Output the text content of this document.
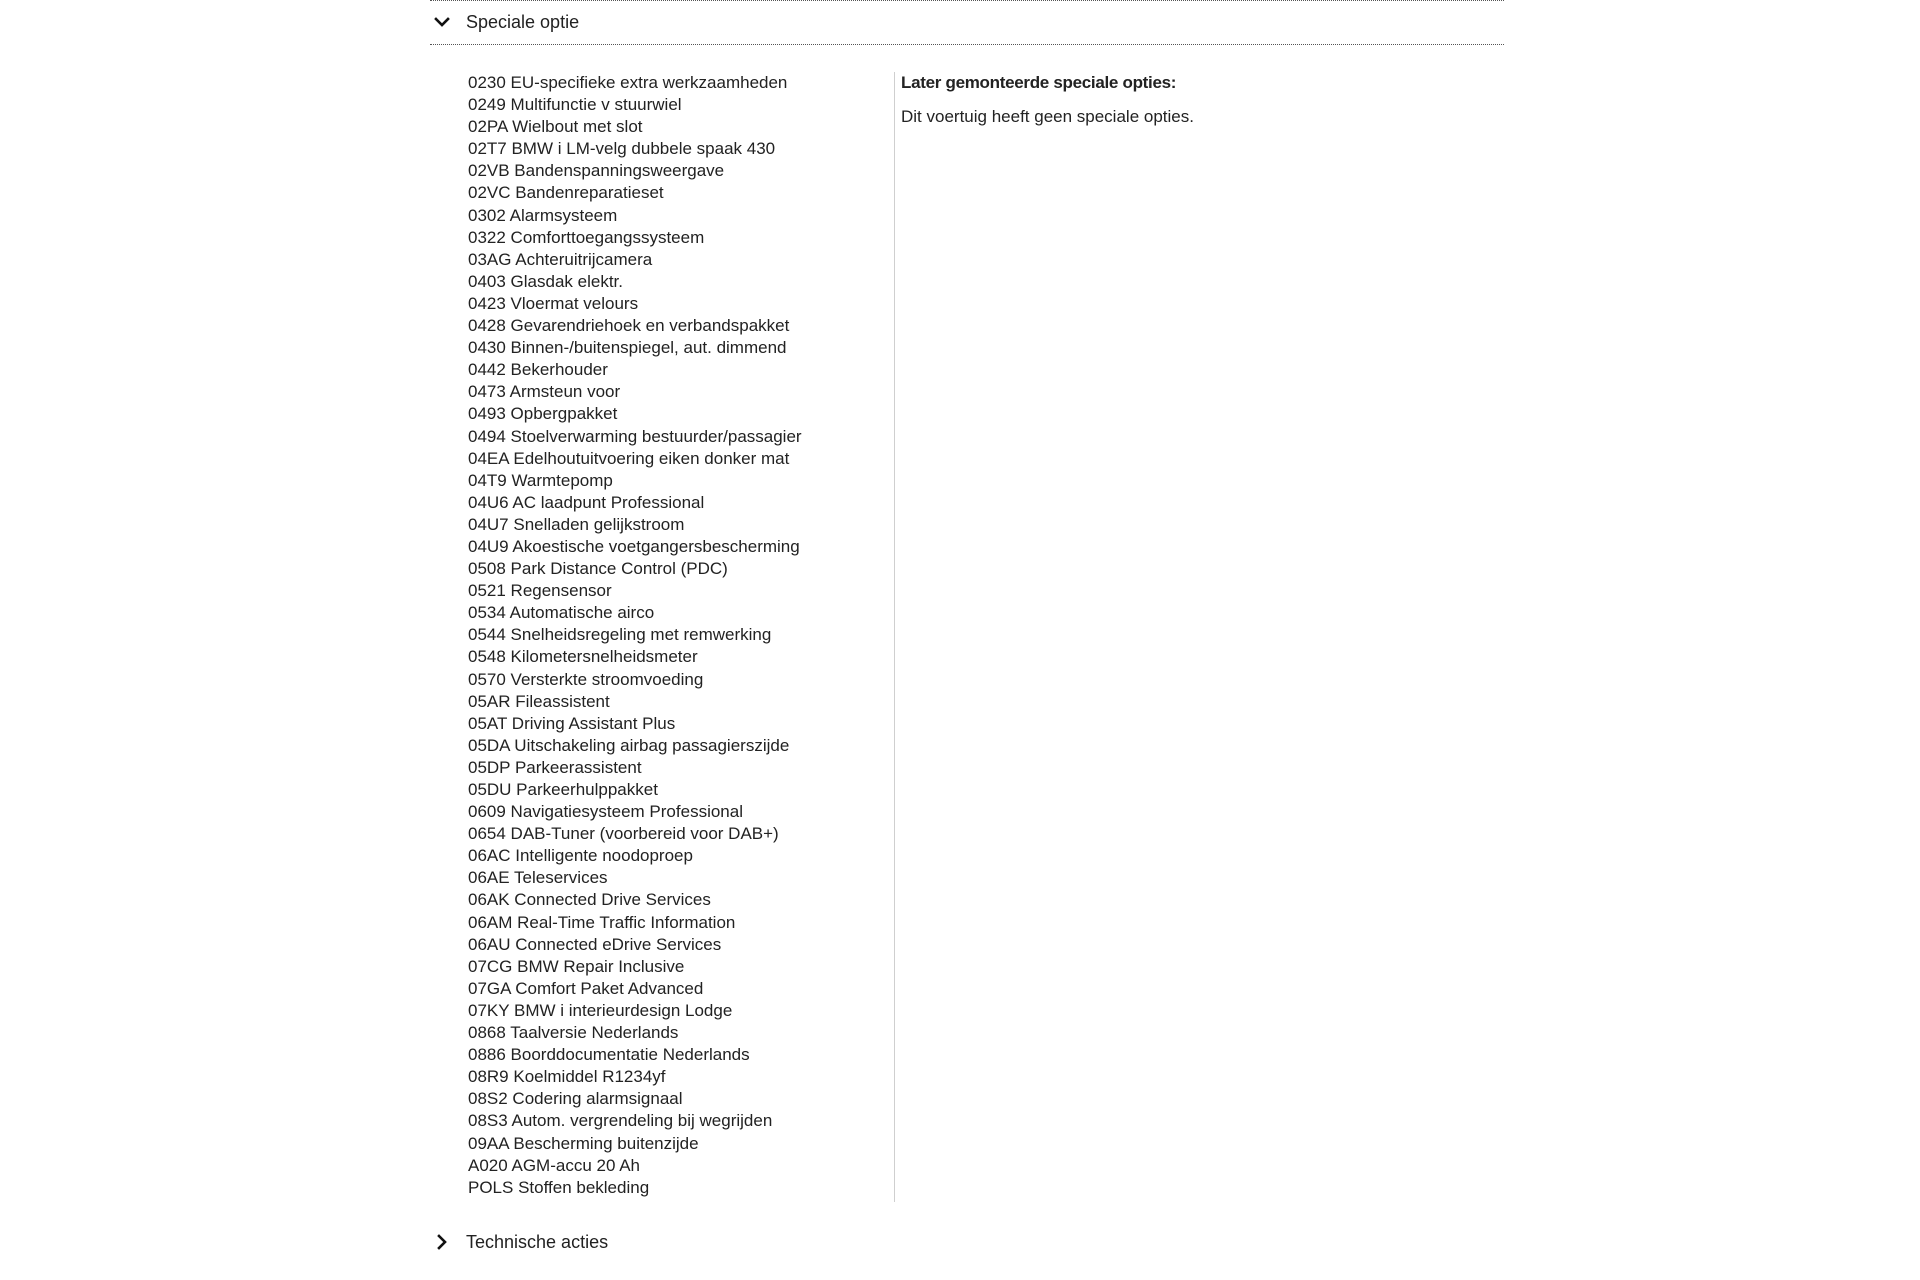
Speciale optie
0230 EU-specifieke extra werkzaamheden
0249 Multifunctie v stuurwiel
02PA Wielbout met slot
02T7 BMW i LM-velg dubbele spaak 430
02VB Bandenspanningsweergave
02VC Bandenreparatieset
0302 Alarmsysteem
0322 Comforttoegangssysteem
03AG Achteruitrijcamera
0403 Glasdak elektr.
0423 Vloermat velours
0428 Gevarendriehoek en verbandspakket
0430 Binnen-/buitenspiegel, aut. dimmend
0442 Bekerhouder
0473 Armsteun voor
0493 Opbergpakket
0494 Stoelverwarming bestuurder/passagier
04EA Edelhoutuitvoering eiken donker mat
04T9 Warmtepomp
04U6 AC laadpunt Professional
04U7 Snelladen gelijkstroom
04U9 Akoestische voetgangersbescherming
0508 Park Distance Control (PDC)
0521 Regensensor
0534 Automatische airco
0544 Snelheidsregeling met remwerking
0548 Kilometersnelheidsmeter
0570 Versterkte stroomvoeding
05AR Fileassistent
05AT Driving Assistant Plus
05DA Uitschakeling airbag passagierszijde
05DP Parkeerassistent
05DU Parkeerhulppakket
0609 Navigatiesysteem Professional
0654 DAB-Tuner (voorbereid voor DAB+)
06AC Intelligente noodoproep
06AE Teleservices
06AK Connected Drive Services
06AM Real-Time Traffic Information
06AU Connected eDrive Services
07CG BMW Repair Inclusive
07GA Comfort Paket Advanced
07KY BMW i interieurdesign Lodge
0868 Taalversie Nederlands
0886 Boorddocumentatie Nederlands
08R9 Koelmiddel R1234yf
08S2 Codering alarmsignaal
08S3 Autom. vergrendeling bij wegrijden
09AA Bescherming buitenzijde
A020 AGM-accu 20 Ah
POLS Stoffen bekleding
Later gemonteerde speciale opties:
Dit voertuig heeft geen speciale opties.
Technische acties
